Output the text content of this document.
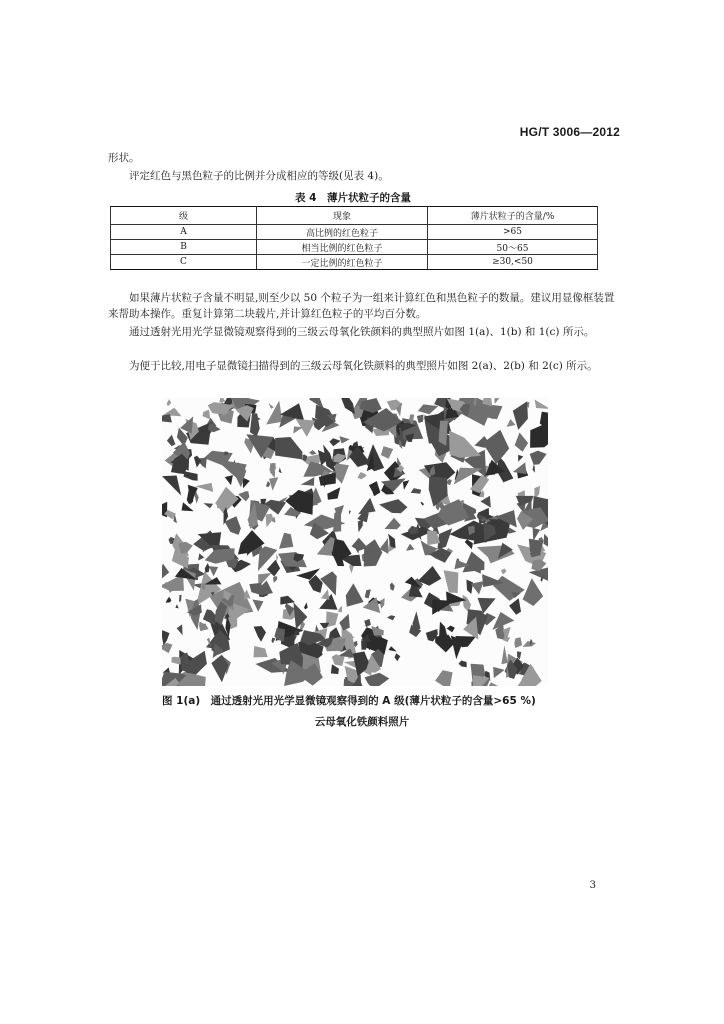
HG/T 3006—2012

形状。

评定红色与黑色粒子的比例并分成相应的等级(见表 4)。

表 4　薄片状粒子的含量
级	现象	薄片状粒子的含量/%
A	高比例的红色粒子	>65
B	相当比例的红色粒子	50～65
C	一定比例的红色粒子	≥30,<50

如果薄片状粒子含量不明显,则至少以 50 个粒子为一组来计算红色和黑色粒子的数量。建议用显像框装置来帮助本操作。重复计算第二块载片,并计算红色粒子的平均百分数。

通过透射光用光学显微镜观察得到的三级云母氧化铁颜料的典型照片如图 1(a)、1(b) 和 1(c) 所示。

为便于比较,用电子显微镜扫描得到的三级云母氧化铁颜料的典型照片如图 2(a)、2(b) 和 2(c) 所示。

图 1(a)　通过透射光用光学显微镜观察得到的 A 级(薄片状粒子的含量>65 %)
云母氧化铁颜料照片
3
